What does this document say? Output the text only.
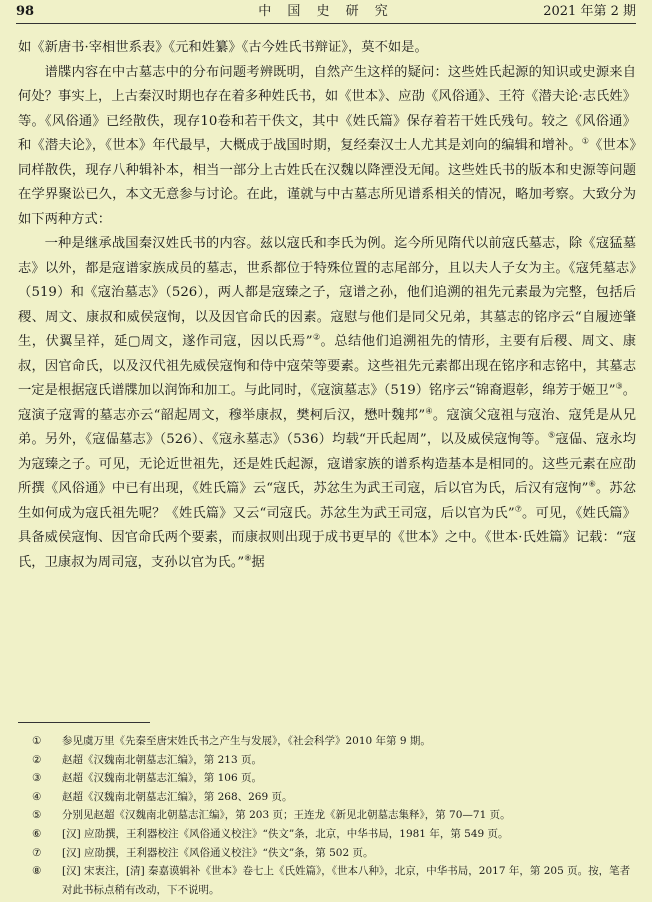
98	中 国 史 研 究	2021 年第 2 期

如《新唐书·宰相世系表》《元和姓纂》《古今姓氏书辩证》，莫不如是。

谱牒内容在中古墓志中的分布问题考辨既明，自然产生这样的疑问：这些姓氏起源的知识或史源来自何处？事实上，上古秦汉时期也存在着多种姓氏书，如《世本》、应劭《风俗通》、王符《潜夫论·志氏姓》等。《风俗通》已经散佚，现存10卷和若干佚文，其中《姓氏篇》保存着若干姓氏残句。较之《风俗通》和《潜夫论》，《世本》年代最早，大概成于战国时期，复经秦汉士人尤其是刘向的编辑和增补。①《世本》同样散佚，现存八种辑补本，相当一部分上古姓氏在汉魏以降湮没无闻。这些姓氏书的版本和史源等问题在学界聚讼已久，本文无意参与讨论。在此，谨就与中古墓志所见谱系相关的情况，略加考察。大致分为如下两种方式：

一种是继承战国秦汉姓氏书的内容。兹以寇氏和李氏为例。迄今所见隋代以前寇氏墓志，除《寇猛墓志》以外，都是寇谱家族成员的墓志，世系都位于特殊位置的志尾部分，且以夫人子女为主。《寇凭墓志》（519）和《寇治墓志》（526），两人都是寇臻之子，寇谱之孙，他们追溯的祖先元素最为完整，包括后稷、周文、康叔和威侯寇恂，以及因官命氏的因素。寇慰与他们是同父兄弟，其墓志的铭序云“自履迹肇生，伏翼呈祥，延▢周文，遂作司寇，因以氏焉”②。总结他们追溯祖先的情形，主要有后稷、周文、康叔，因官命氏，以及汉代祖先威侯寇恂和侍中寇荣等要素。这些祖先元素都出现在铭序和志铭中，其墓志一定是根据寇氏谱牒加以润饰和加工。与此同时，《寇演墓志》（519）铭序云“锦裔遐彰，绵芳于姬卫”③。寇演子寇霄的墓志亦云“韶起周文，穆举康叔，樊柯后汉，懋叶魏邦”④。寇演父寇祖与寇治、寇凭是从兄弟。另外，《寇偘墓志》（526）、《寇永墓志》（536）均载“开氏起周”，以及威侯寇恂等。⑤寇偘、寇永均为寇臻之子。可见，无论近世祖先，还是姓氏起源，寇谱家族的谱系构造基本是相同的。这些元素在应劭所撰《风俗通》中已有出现，《姓氏篇》云“寇氏，苏忿生为武王司寇，后以官为氏，后汉有寇恂”⑥。苏忿生如何成为寇氏祖先呢？《姓氏篇》又云“司寇氏。苏忿生为武王司寇，后以官为氏”⑦。可见，《姓氏篇》具备威侯寇恂、因官命氏两个要素，而康叔则出现于成书更早的《世本》之中。《世本·氏姓篇》记载：“寇氏，卫康叔为周司寇，支孙以官为氏。”⑧据

① 参见虞万里《先秦至唐宋姓氏书之产生与发展》，《社会科学》2010 年第 9 期。
② 赵超《汉魏南北朝墓志汇编》，第 213 页。
③ 赵超《汉魏南北朝墓志汇编》，第 106 页。
④ 赵超《汉魏南北朝墓志汇编》，第 268、269 页。
⑤ 分别见赵超《汉魏南北朝墓志汇编》，第 203 页；王连龙《新见北朝墓志集释》，第 70—71 页。
⑥ [汉] 应劭撰，王利器校注《风俗通义校注》“佚文”条，北京，中华书局，1981 年，第 549 页。
⑦ [汉] 应劭撰，王利器校注《风俗通义校注》“佚文”条，第 502 页。
⑧ [汉] 宋衷注，[清] 秦嘉谟辑补《世本》卷七上《氏姓篇》，《世本八种》，北京，中华书局，2017 年，第 205 页。按，笔者对此书标点稍有改动，下不说明。
